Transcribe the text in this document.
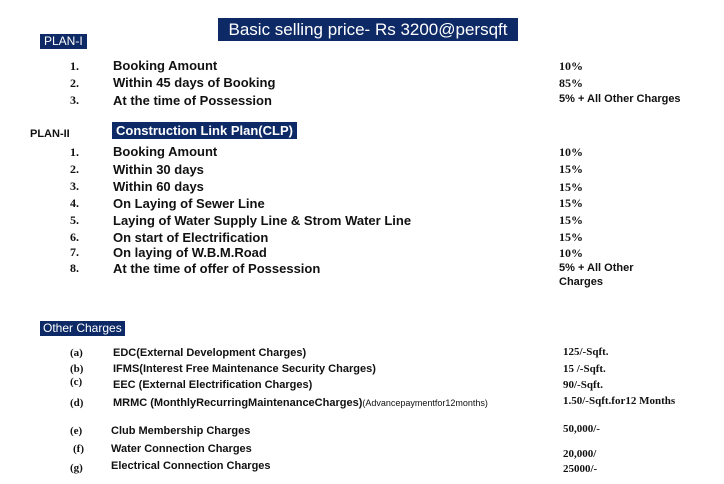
Basic selling price- Rs 3200@persqft
PLAN-I
1.	Booking Amount	10%
2.	Within 45 days of Booking	85%
3.	At the time of Possession	5% + All Other Charges
PLAN-II	Construction Link Plan(CLP)
1.	Booking Amount	10%
2.	Within 30 days	15%
3.	Within 60 days	15%
4.	On Laying of Sewer Line	15%
5.	Laying of Water Supply Line & Strom Water Line	15%
6.	On start of Electrification	15%
7.	On laying of W.B.M.Road	10%
8.	At the time of offer of Possession	5% + All Other
Charges
Other Charges
(a)	EDC(External Development Charges)	125/-Sqft.
(b)	IFMS(Interest Free Maintenance Security Charges)	15 /-Sqft.
(c)	EEC (External Electrification Charges)	90/-Sqft.
(d)	MRMC (MonthlyRecurringMaintenanceCharges)(Advancepaymentfor12months)	1.50/-Sqft.for12 Months
(e)	Club Membership Charges	50,000/-
(f) Water Connection Charges	20,000/
(g)	Electrical Connection Charges	25000/-
